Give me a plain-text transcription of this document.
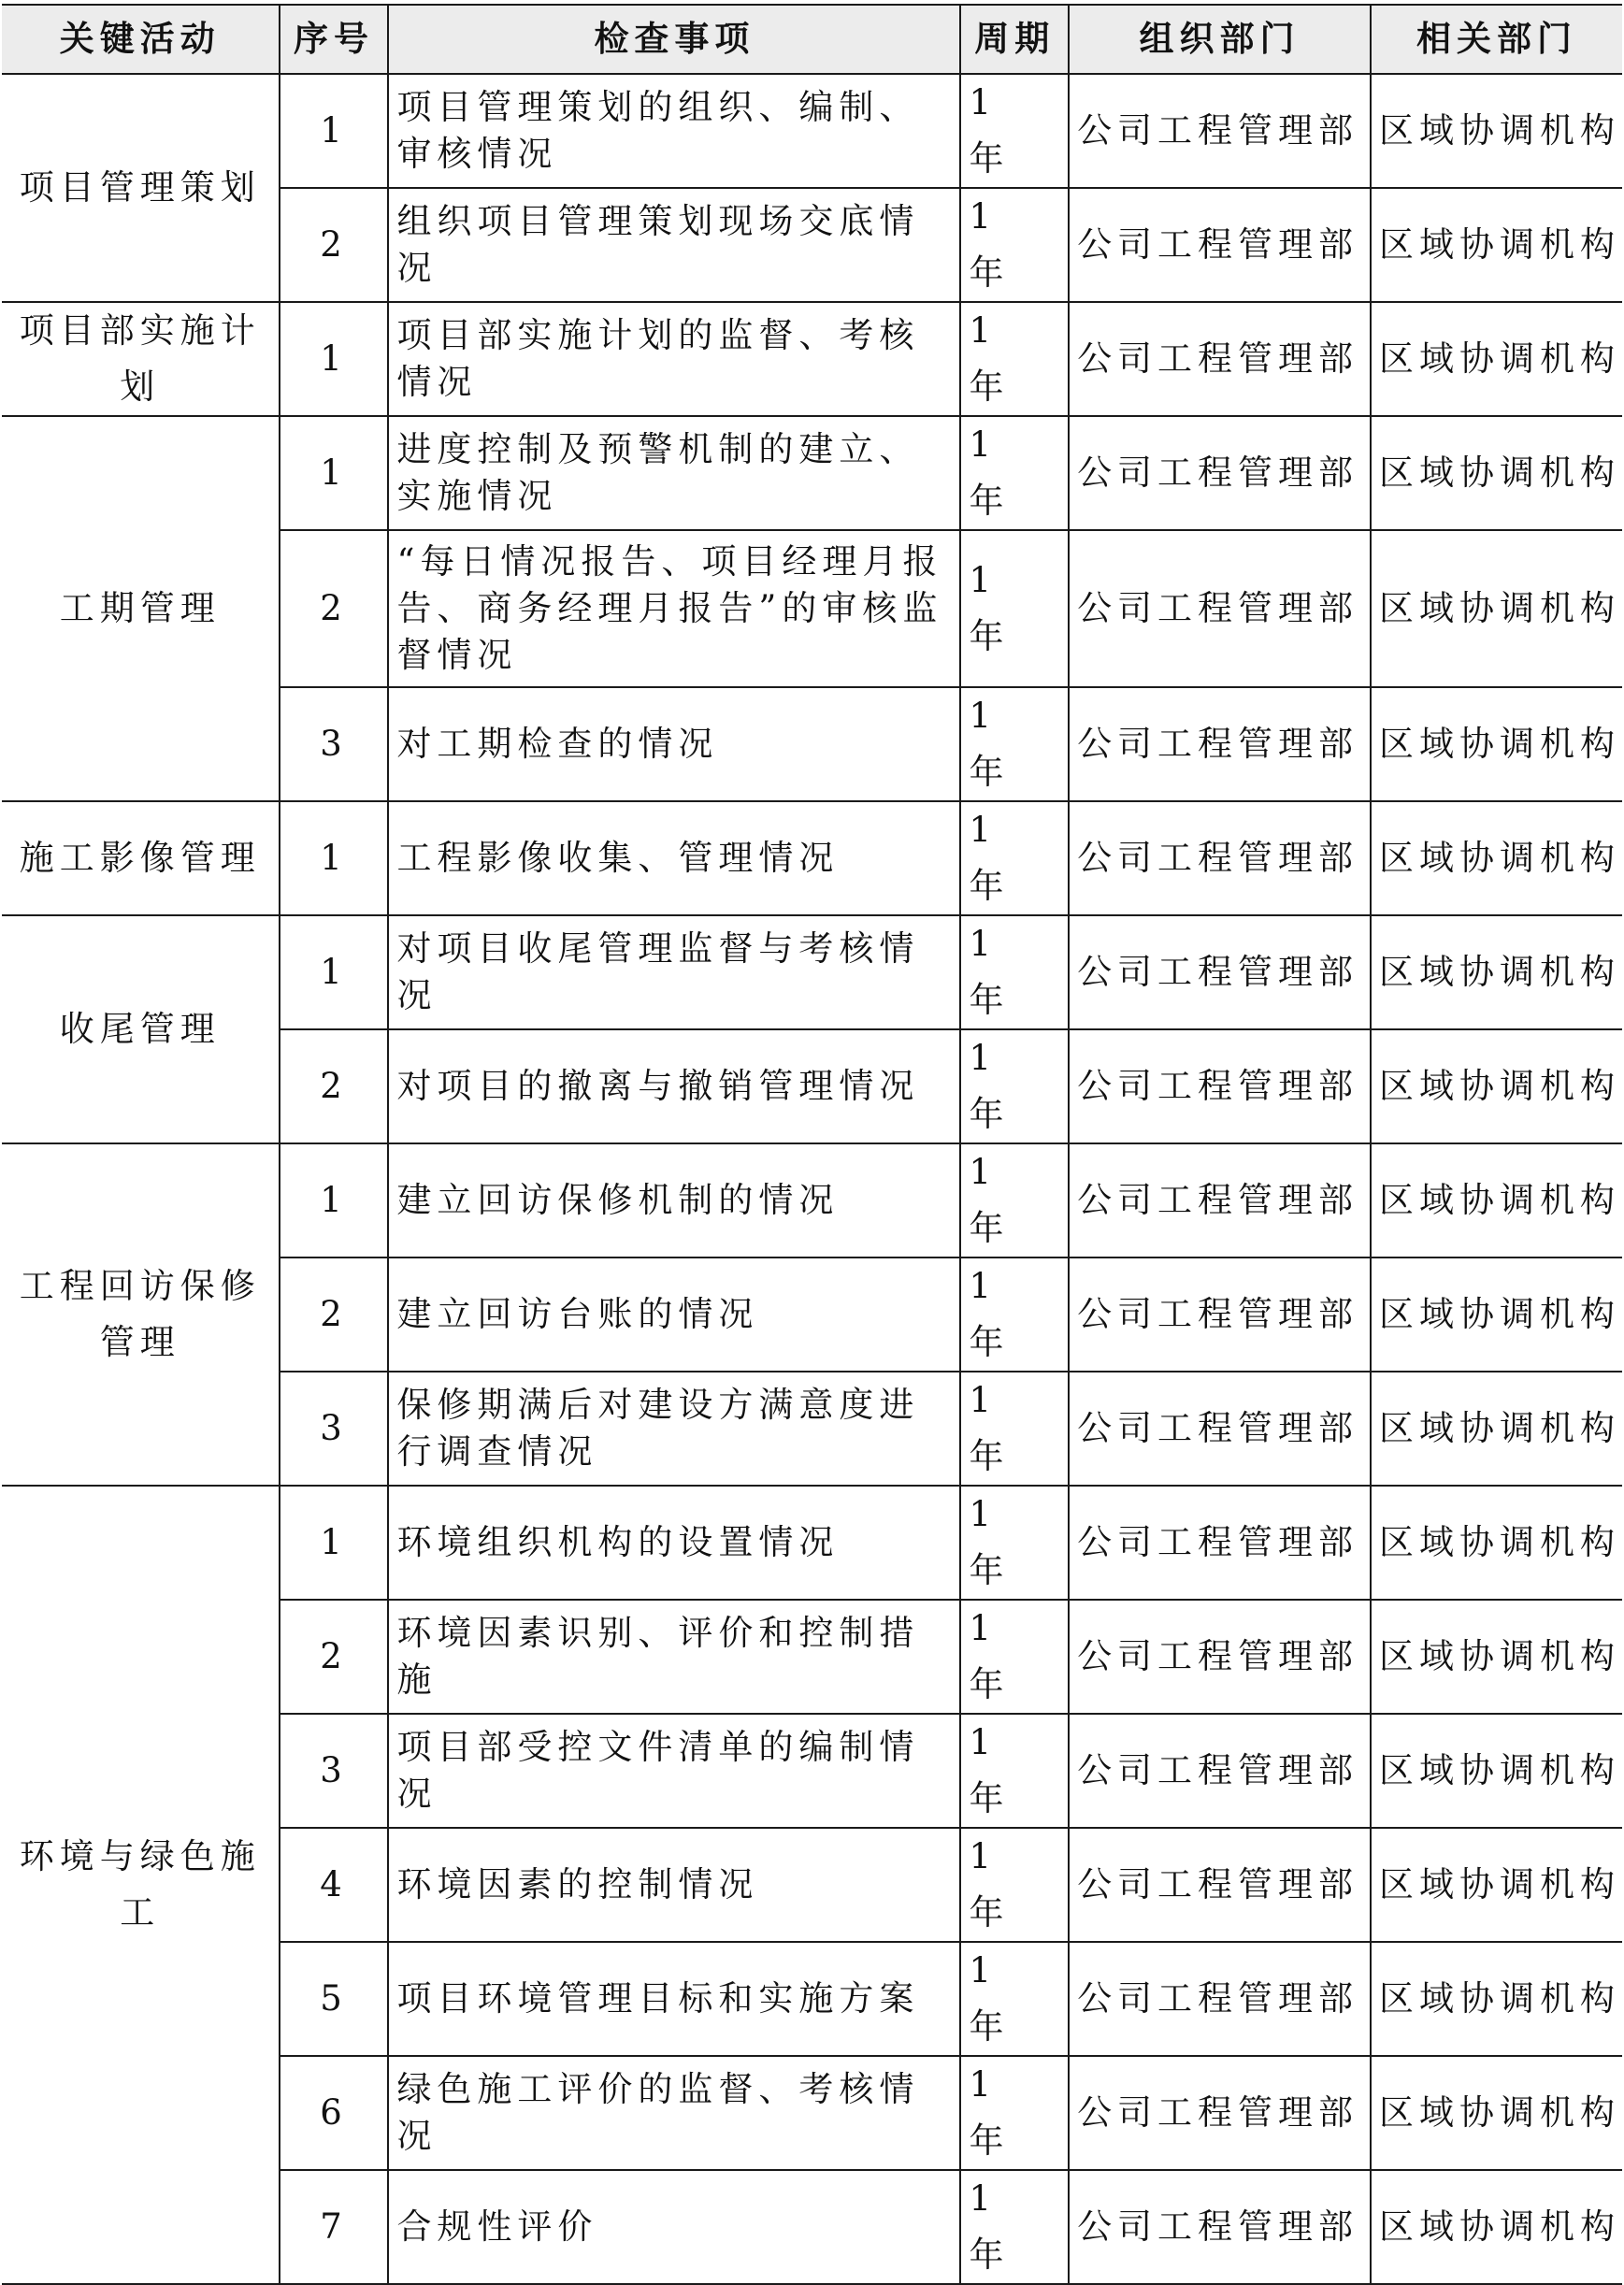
关键活动	序号	检查事项	周期	组织部门	相关部门
项目管理策划	1	项目管理策划的组织、编制、审核情况	1 年	公司工程管理部	区域协调机构
	2	组织项目管理策划现场交底情况	1 年	公司工程管理部	区域协调机构
项目部实施计划	1	项目部实施计划的监督、考核情况	1 年	公司工程管理部	区域协调机构
工期管理	1	进度控制及预警机制的建立、实施情况	1 年	公司工程管理部	区域协调机构
	2	“每日情况报告、项目经理月报告、商务经理月报告”的审核监督情况	1 年	公司工程管理部	区域协调机构
	3	对工期检查的情况	1 年	公司工程管理部	区域协调机构
施工影像管理	1	工程影像收集、管理情况	1 年	公司工程管理部	区域协调机构
收尾管理	1	对项目收尾管理监督与考核情况	1 年	公司工程管理部	区域协调机构
	2	对项目的撤离与撤销管理情况	1 年	公司工程管理部	区域协调机构
工程回访保修管理	1	建立回访保修机制的情况	1 年	公司工程管理部	区域协调机构
	2	建立回访台账的情况	1 年	公司工程管理部	区域协调机构
	3	保修期满后对建设方满意度进行调查情况	1 年	公司工程管理部	区域协调机构
环境与绿色施工	1	环境组织机构的设置情况	1 年	公司工程管理部	区域协调机构
	2	环境因素识别、评价和控制措施	1 年	公司工程管理部	区域协调机构
	3	项目部受控文件清单的编制情况	1 年	公司工程管理部	区域协调机构
	4	环境因素的控制情况	1 年	公司工程管理部	区域协调机构
	5	项目环境管理目标和实施方案	1 年	公司工程管理部	区域协调机构
	6	绿色施工评价的监督、考核情况	1 年	公司工程管理部	区域协调机构
	7	合规性评价	1 年	公司工程管理部	区域协调机构
